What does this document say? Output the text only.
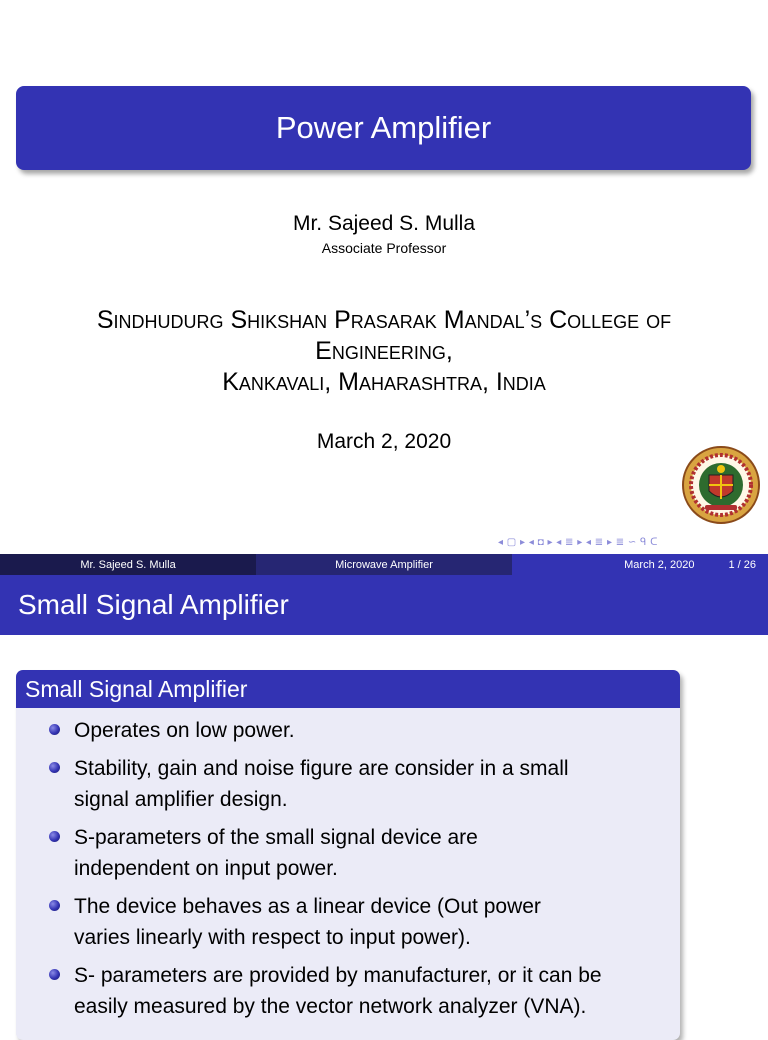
Power Amplifier
Mr. Sajeed S. Mulla
Associate Professor
Sindhudurg Shikshan Prasarak Mandal’s College of
Engineering,
Kankavali, Maharashtra, India
March 2, 2020
◂ ▢ ▸ ◂ ◘ ▸ ◂ ≣ ▸ ◂ ≣ ▸ ≣ ∽ ᑫ ᑕ
Mr. Sajeed S. Mulla	Microwave Amplifier	March 2, 2020	1 / 26
Small Signal Amplifier
Small Signal Amplifier
Operates on low power.
Stability, gain and noise figure are consider in a small
signal amplifier design.
S-parameters of the small signal device are
independent on input power.
The device behaves as a linear device (Out power
varies linearly with respect to input power).
S- parameters are provided by manufacturer, or it can be
easily measured by the vector network analyzer (VNA).
